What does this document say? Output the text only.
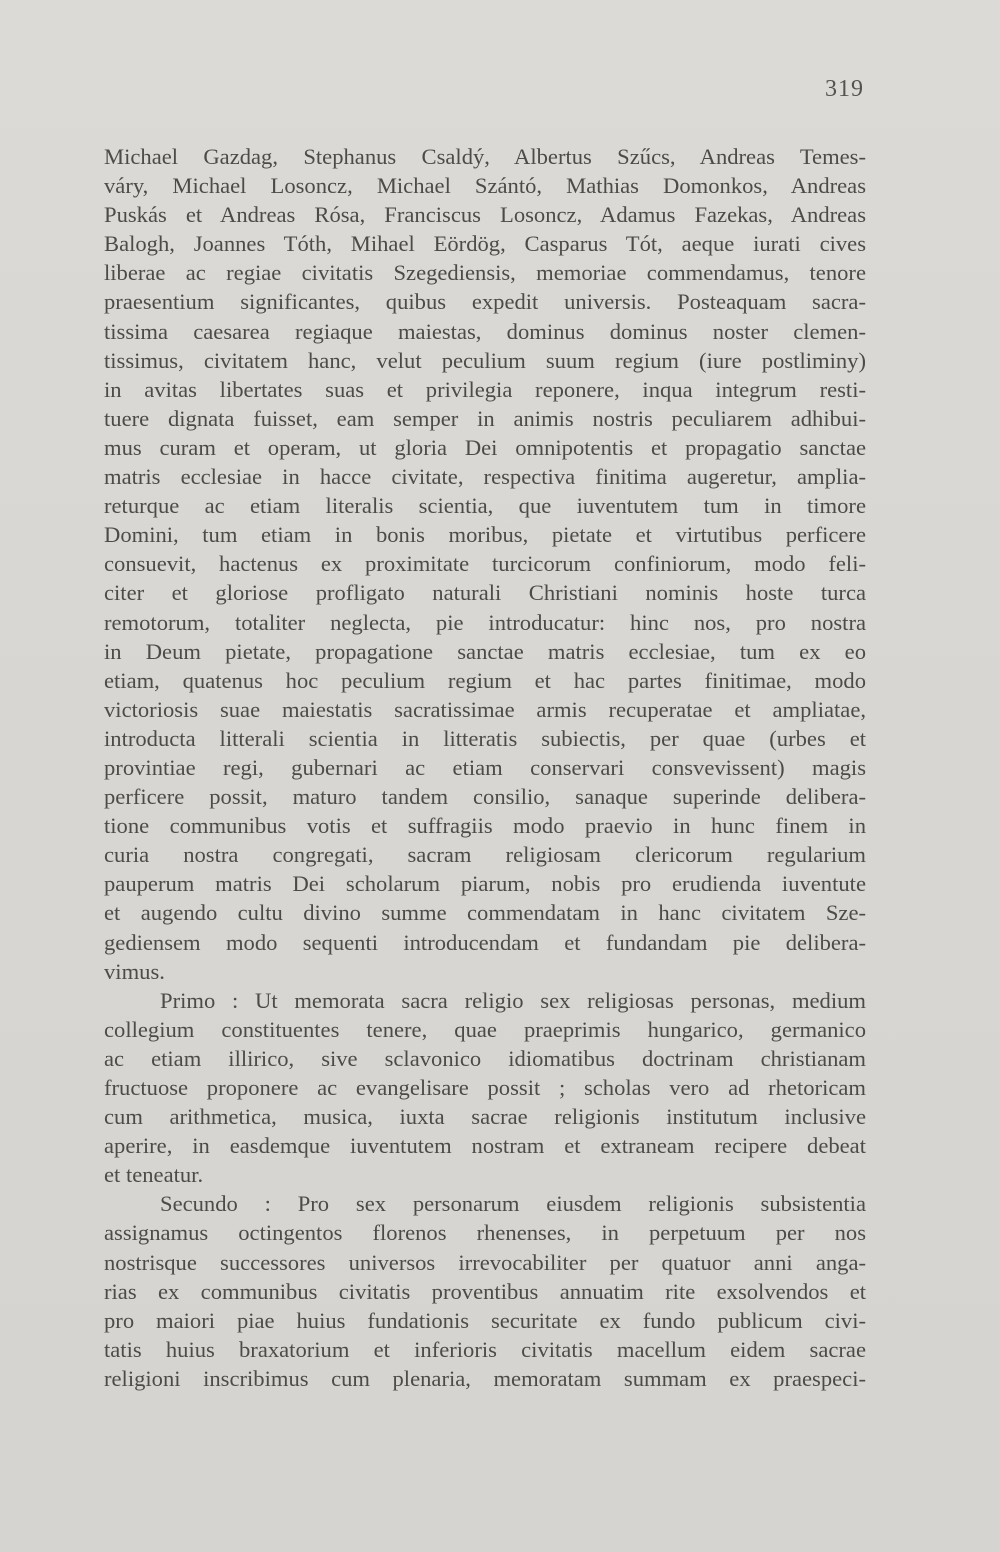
319
Michael Gazdag, Stephanus Csaldý, Albertus Szűcs, Andreas Temes-
váry, Michael Losoncz, Michael Szántó, Mathias Domonkos, Andreas
Puskás et Andreas Rósa, Franciscus Losoncz, Adamus Fazekas, Andreas
Balogh, Joannes Tóth, Mihael Eördög, Casparus Tót, aeque iurati cives
liberae ac regiae civitatis Szegediensis, memoriae commendamus, tenore
praesentium significantes, quibus expedit universis. Posteaquam sacra-
tissima caesarea regiaque maiestas, dominus dominus noster clemen-
tissimus, civitatem hanc, velut peculium suum regium (iure postliminy)
in avitas libertates suas et privilegia reponere, inqua integrum resti-
tuere dignata fuisset, eam semper in animis nostris peculiarem adhibui-
mus curam et operam, ut gloria Dei omnipotentis et propagatio sanctae
matris ecclesiae in hacce civitate, respectiva finitima augeretur, amplia-
returque ac etiam literalis scientia, que iuventutem tum in timore
Domini, tum etiam in bonis moribus, pietate et virtutibus perficere
consuevit, hactenus ex proximitate turcicorum confiniorum, modo feli-
citer et gloriose profligato naturali Christiani nominis hoste turca
remotorum, totaliter neglecta, pie introducatur: hinc nos, pro nostra
in Deum pietate, propagatione sanctae matris ecclesiae, tum ex eo
etiam, quatenus hoc peculium regium et hac partes finitimae, modo
victoriosis suae maiestatis sacratissimae armis recuperatae et ampliatae,
introducta litterali scientia in litteratis subiectis, per quae (urbes et
provintiae regi, gubernari ac etiam conservari consvevissent) magis
perficere possit, maturo tandem consilio, sanaque superinde delibera-
tione communibus votis et suffragiis modo praevio in hunc finem in
curia nostra congregati, sacram religiosam clericorum regularium
pauperum matris Dei scholarum piarum, nobis pro erudienda iuventute
et augendo cultu divino summe commendatam in hanc civitatem Sze-
gediensem modo sequenti introducendam et fundandam pie delibera-
vimus.
Primo : Ut memorata sacra religio sex religiosas personas, medium
collegium constituentes tenere, quae praeprimis hungarico, germanico
ac etiam illirico, sive sclavonico idiomatibus doctrinam christianam
fructuose proponere ac evangelisare possit ; scholas vero ad rhetoricam
cum arithmetica, musica, iuxta sacrae religionis institutum inclusive
aperire, in easdemque iuventutem nostram et extraneam recipere debeat
et teneatur.
Secundo : Pro sex personarum eiusdem religionis subsistentia
assignamus octingentos florenos rhenenses, in perpetuum per nos
nostrisque successores universos irrevocabiliter per quatuor anni anga-
rias ex communibus civitatis proventibus annuatim rite exsolvendos et
pro maiori piae huius fundationis securitate ex fundo publicum civi-
tatis huius braxatorium et inferioris civitatis macellum eidem sacrae
religioni inscribimus cum plenaria, memoratam summam ex praespeci-
